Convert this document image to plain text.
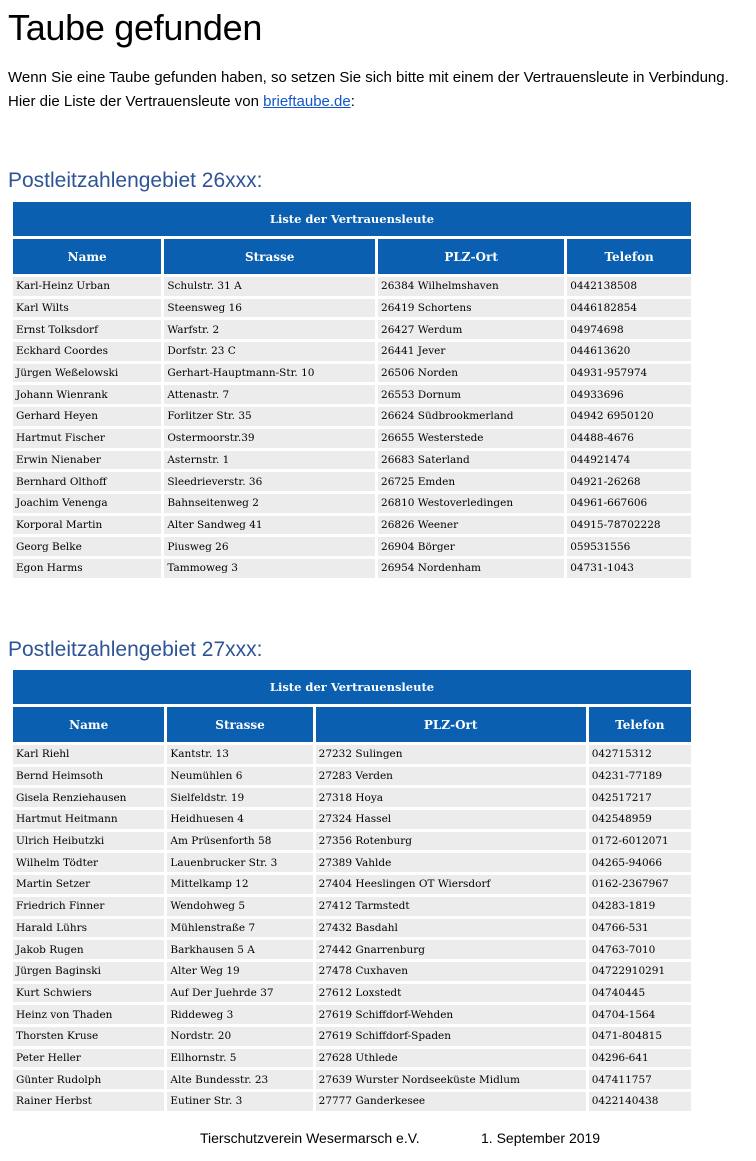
Taube gefunden

Wenn Sie eine Taube gefunden haben, so setzen Sie sich bitte mit einem der Vertrauensleute in Verbindung.
Hier die Liste der Vertrauensleute von brieftaube.de:

Postleitzahlengebiet 26xxx:
Liste der Vertrauensleute			
Name	Strasse	PLZ-Ort	Telefon
Karl-Heinz Urban	Schulstr. 31 A	26384 Wilhelmshaven	0442138508
Karl Wilts	Steensweg 16	26419 Schortens	0446182854
Ernst Tolksdorf	Warfstr. 2	26427 Werdum	04974698
Eckhard Coordes	Dorfstr. 23 C	26441 Jever	044613620
Jürgen Weßelowski	Gerhart-Hauptmann-Str. 10	26506 Norden	04931-957974
Johann Wienrank	Attenastr. 7	26553 Dornum	04933696
Gerhard Heyen	Forlitzer Str. 35	26624 Südbrookmerland	04942 6950120
Hartmut Fischer	Ostermoorstr.39	26655 Westerstede	04488-4676
Erwin Nienaber	Asternstr. 1	26683 Saterland	044921474
Bernhard Olthoff	Sleedrieverstr. 36	26725 Emden	04921-26268
Joachim Venenga	Bahnseitenweg 2	26810 Westoverledingen	04961-667606
Korporal Martin	Alter Sandweg 41	26826 Weener	04915-78702228
Georg Belke	Piusweg 26	26904 Börger	059531556
Egon Harms	Tammoweg 3	26954 Nordenham	04731-1043
Postleitzahlengebiet 27xxx:
Liste der Vertrauensleute			
Name	Strasse	PLZ-Ort	Telefon
Karl Riehl	Kantstr. 13	27232 Sulingen	042715312
Bernd Heimsoth	Neumühlen 6	27283 Verden	04231-77189
Gisela Renziehausen	Sielfeldstr. 19	27318 Hoya	042517217
Hartmut Heitmann	Heidhuesen 4	27324 Hassel	042548959
Ulrich Heibutzki	Am Prüsenforth 58	27356 Rotenburg	0172-6012071
Wilhelm Tödter	Lauenbrucker Str. 3	27389 Vahlde	04265-94066
Martin Setzer	Mittelkamp 12	27404 Heeslingen OT Wiersdorf	0162-2367967
Friedrich Finner	Wendohweg 5	27412 Tarmstedt	04283-1819
Harald Lührs	Mühlenstraße 7	27432 Basdahl	04766-531
Jakob Rugen	Barkhausen 5 A	27442 Gnarrenburg	04763-7010
Jürgen Baginski	Alter Weg 19	27478 Cuxhaven	04722910291
Kurt Schwiers	Auf Der Juehrde 37	27612 Loxstedt	04740445
Heinz von Thaden	Riddeweg 3	27619 Schiffdorf-Wehden	04704-1564
Thorsten Kruse	Nordstr. 20	27619 Schiffdorf-Spaden	0471-804815
Peter Heller	Ellhornstr. 5	27628 Uthlede	04296-641
Günter Rudolph	Alte Bundesstr. 23	27639 Wurster Nordseeküste Midlum	047411757
Rainer Herbst	Eutiner Str. 3	27777 Ganderkesee	0422140438
Tierschutzverein Wesermarsch e.V.	1. September 2019
